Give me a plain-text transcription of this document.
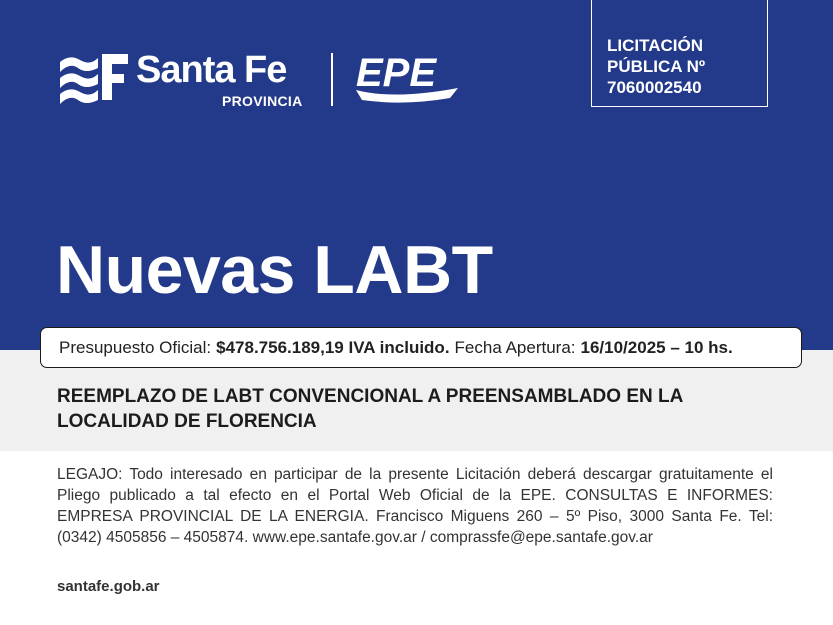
Santa Fe
PROVINCIA
EPE
LICITACIÓN
PÚBLICA Nº
7060002540
Nuevas LABT
Presupuesto Oficial: $478.756.189,19 IVA incluido. Fecha Apertura: 16/10/2025 – 10 hs.
REEMPLAZO DE LABT CONVENCIONAL A PREENSAMBLADO EN LA LOCALIDAD DE FLORENCIA
LEGAJO: Todo interesado en participar de la presente Licitación deberá descargar gratuitamente el Pliego publicado a tal efecto en el Portal Web Oficial de la EPE. CONSULTAS E INFORMES: EMPRESA PROVINCIAL DE LA ENERGIA. Francisco Miguens 260 – 5º Piso, 3000 Santa Fe. Tel: (0342) 4505856 – 4505874. www.epe.santafe.gov.ar / comprassfe@epe.santafe.gov.ar
santafe.gob.ar
